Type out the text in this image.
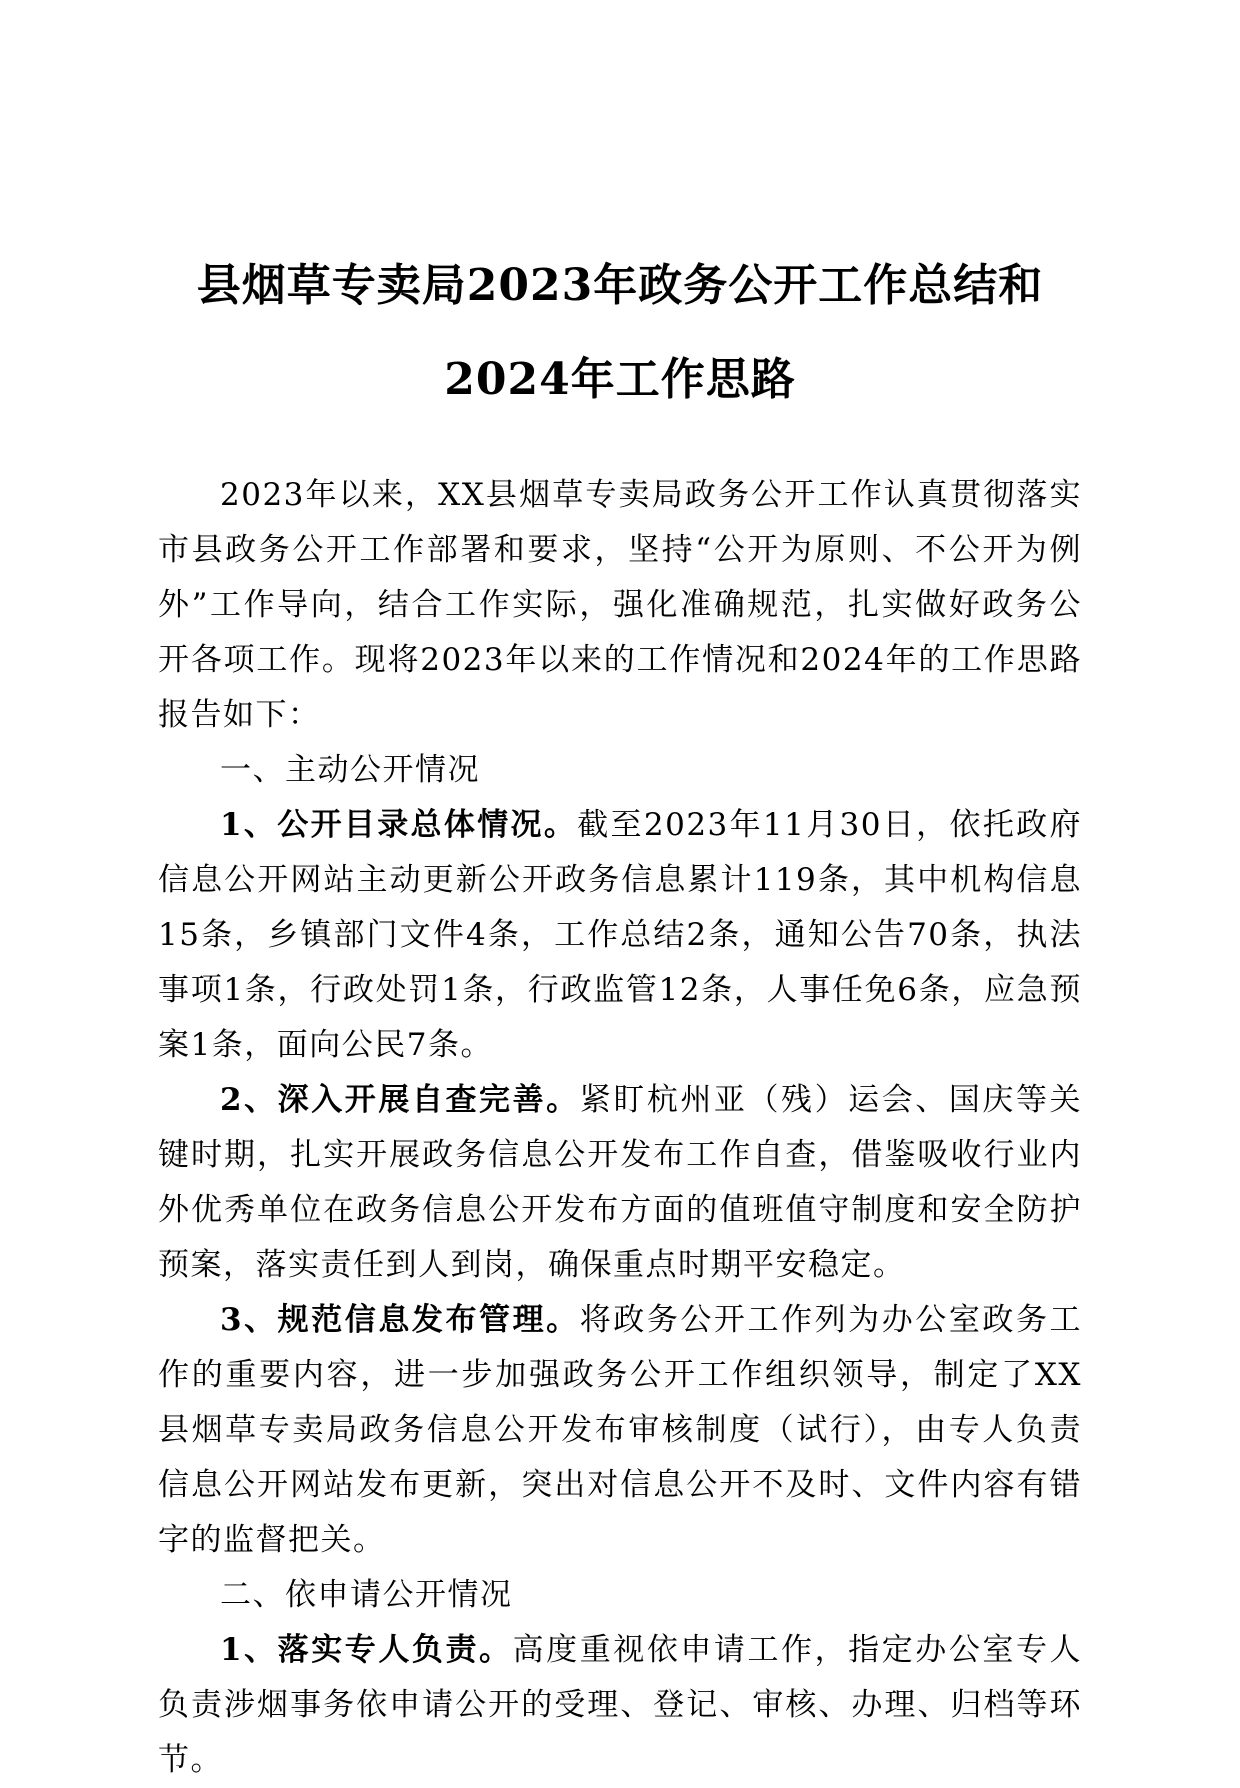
县烟草专卖局2023年政务公开工作总结和
2024年工作思路

2023年以来，XX县烟草专卖局政务公开工作认真贯彻落实市县政务公开工作部署和要求，坚持“公开为原则、不公开为例外”工作导向，结合工作实际，强化准确规范，扎实做好政务公开各项工作。现将2023年以来的工作情况和2024年的工作思路报告如下：

一、主动公开情况

1、公开目录总体情况。截至2023年11月30日，依托政府信息公开网站主动更新公开政务信息累计119条，其中机构信息15条，乡镇部门文件4条，工作总结2条，通知公告70条，执法事项1条，行政处罚1条，行政监管12条，人事任免6条，应急预案1条，面向公民7条。

2、深入开展自查完善。紧盯杭州亚（残）运会、国庆等关键时期，扎实开展政务信息公开发布工作自查，借鉴吸收行业内外优秀单位在政务信息公开发布方面的值班值守制度和安全防护预案，落实责任到人到岗，确保重点时期平安稳定。

3、规范信息发布管理。将政务公开工作列为办公室政务工作的重要内容，进一步加强政务公开工作组织领导，制定了XX县烟草专卖局政务信息公开发布审核制度（试行），由专人负责信息公开网站发布更新，突出对信息公开不及时、文件内容有错字的监督把关。

二、依申请公开情况

1、落实专人负责。高度重视依申请工作，指定办公室专人负责涉烟事务依申请公开的受理、登记、审核、办理、归档等环节。
